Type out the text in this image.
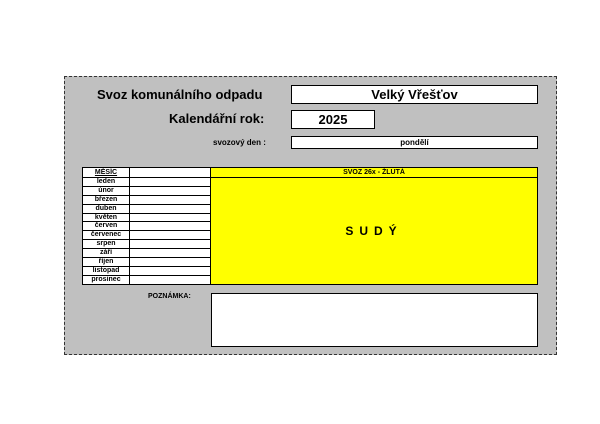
Svoz komunálního odpadu	Velký Vřešťov
Kalendářní rok:	2025
svozový den :	pondělí
MĚSÍC	SVOZ 26x - ŽLUTÁ
leden
únor
březen
duben
květen
červen
červenec
srpen
září
říjen
listopad
prosinec
SUDÝ
POZNÁMKA:
